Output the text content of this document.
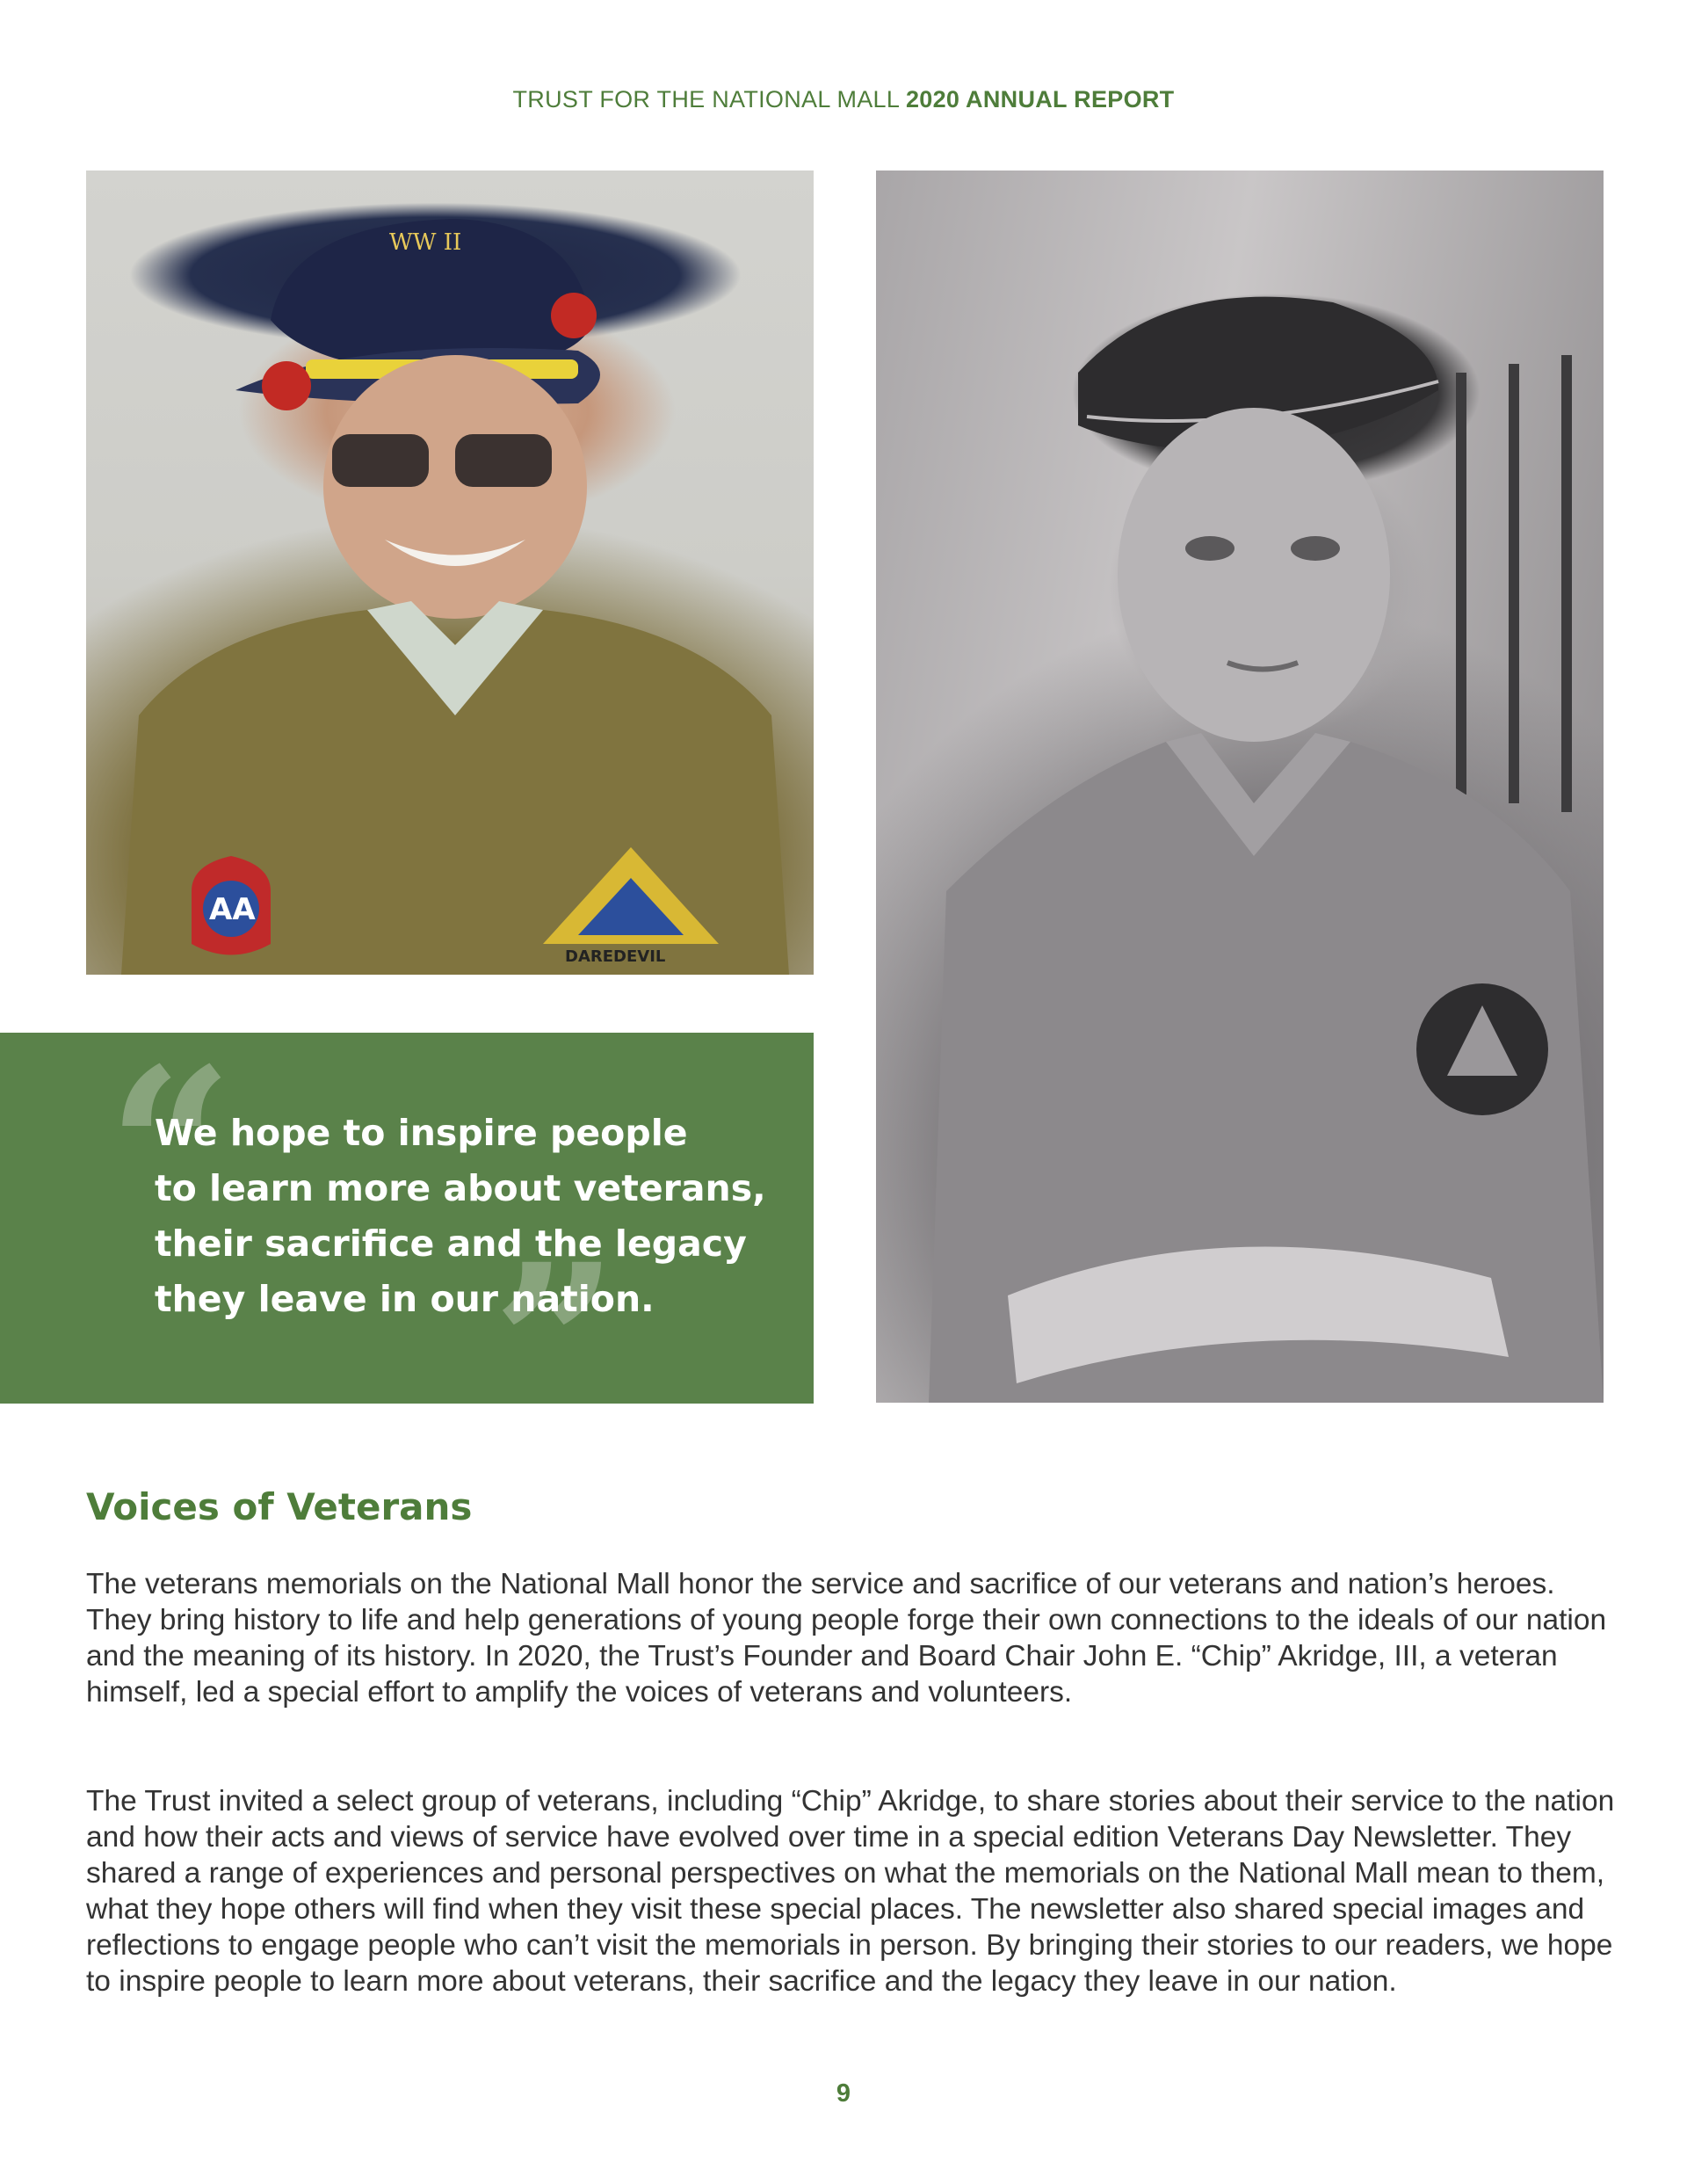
TRUST FOR THE NATIONAL MALL 2020 ANNUAL REPORT
WW II
AA
DAREDEVIL
“
”
We hope to inspire people
to learn more about veterans,
their sacrifice and the legacy
they leave in our nation.
Voices of Veterans
The veterans memorials on the National Mall honor the service and sacrifice of our veterans and nation’s heroes. They bring history to life and help generations of young people forge their own connections to the ideals of our nation and the meaning of its history. In 2020, the Trust’s Founder and Board Chair John E. “Chip” Akridge, III, a veteran himself, led a special effort to amplify the voices of veterans and volunteers.
The Trust invited a select group of veterans, including “Chip” Akridge, to share stories about their service to the nation and how their acts and views of service have evolved over time in a special edition Veterans Day Newsletter. They shared a range of experiences and personal perspectives on what the memorials on the National Mall mean to them, what they hope others will find when they visit these special places. The newsletter also shared special images and reflections to engage people who can’t visit the memorials in person. By bringing their stories to our readers, we hope to inspire people to learn more about veterans, their sacrifice and the legacy they leave in our nation.
9
